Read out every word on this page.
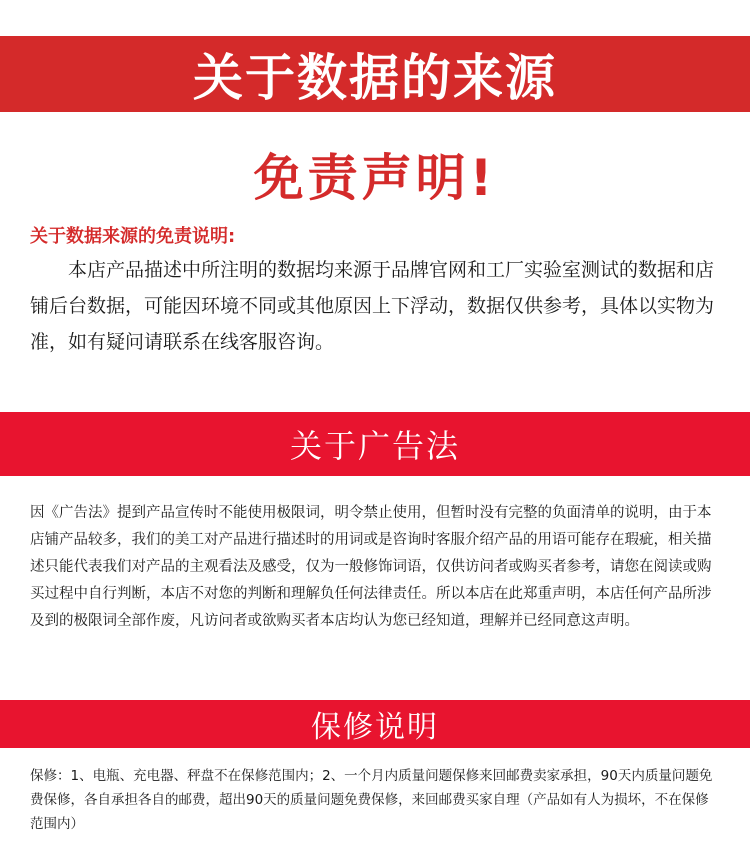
关于数据的来源
免责声明!
关于数据来源的免责说明:

本店产品描述中所注明的数据均来源于品牌官网和工厂实验室测试的数据和店铺后台数据，可能因环境不同或其他原因上下浮动，数据仅供参考，具体以实物为准，如有疑问请联系在线客服咨询。

关于广告法

因《广告法》提到产品宣传时不能使用极限词，明令禁止使用，但暂时没有完整的负面清单的说明，由于本店铺产品较多，我们的美工对产品进行描述时的用词或是咨询时客服介绍产品的用语可能存在瑕疵，相关描述只能代表我们对产品的主观看法及感受，仅为一般修饰词语，仅供访问者或购买者参考，请您在阅读或购买过程中自行判断，本店不对您的判断和理解负任何法律责任。所以本店在此郑重声明，本店任何产品所涉及到的极限词全部作废，凡访问者或欲购买者本店均认为您已经知道，理解并已经同意这声明。

保修说明

保修：1、电瓶、充电器、秤盘不在保修范围内；2、一个月内质量问题保修来回邮费卖家承担，90天内质量问题免费保修，各自承担各自的邮费，超出90天的质量问题免费保修，来回邮费买家自理（产品如有人为损坏，不在保修范围内）
